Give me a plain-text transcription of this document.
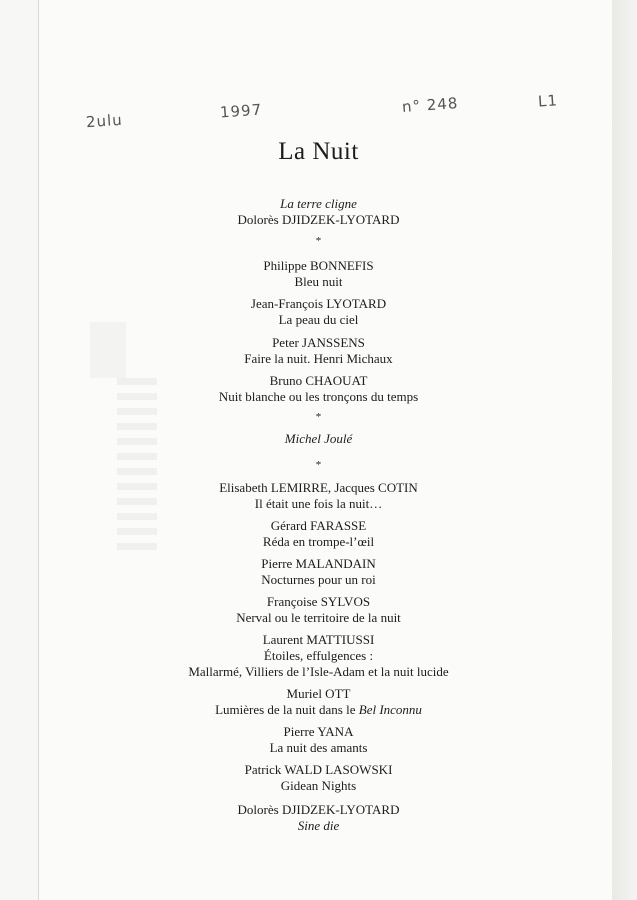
2ulu	1997	n° 248	L1
La Nuit
La terre cligne
Dolorès DJIDZEK-LYOTARD
*
Philippe BONNEFIS
Bleu nuit
Jean-François LYOTARD
La peau du ciel
Peter JANSSENS
Faire la nuit. Henri Michaux
Bruno CHAOUAT
Nuit blanche ou les tronçons du temps
*
Michel Joulé
*
Elisabeth LEMIRRE, Jacques COTIN
Il était une fois la nuit…
Gérard FARASSE
Réda en trompe-l’œil
Pierre MALANDAIN
Nocturnes pour un roi
Françoise SYLVOS
Nerval ou le territoire de la nuit
Laurent MATTIUSSI
Étoiles, effulgences :
Mallarmé, Villiers de l’Isle-Adam et la nuit lucide
Muriel OTT
Lumières de la nuit dans le Bel Inconnu
Pierre YANA
La nuit des amants
Patrick WALD LASOWSKI
Gidean Nights
Dolorès DJIDZEK-LYOTARD
Sine die
